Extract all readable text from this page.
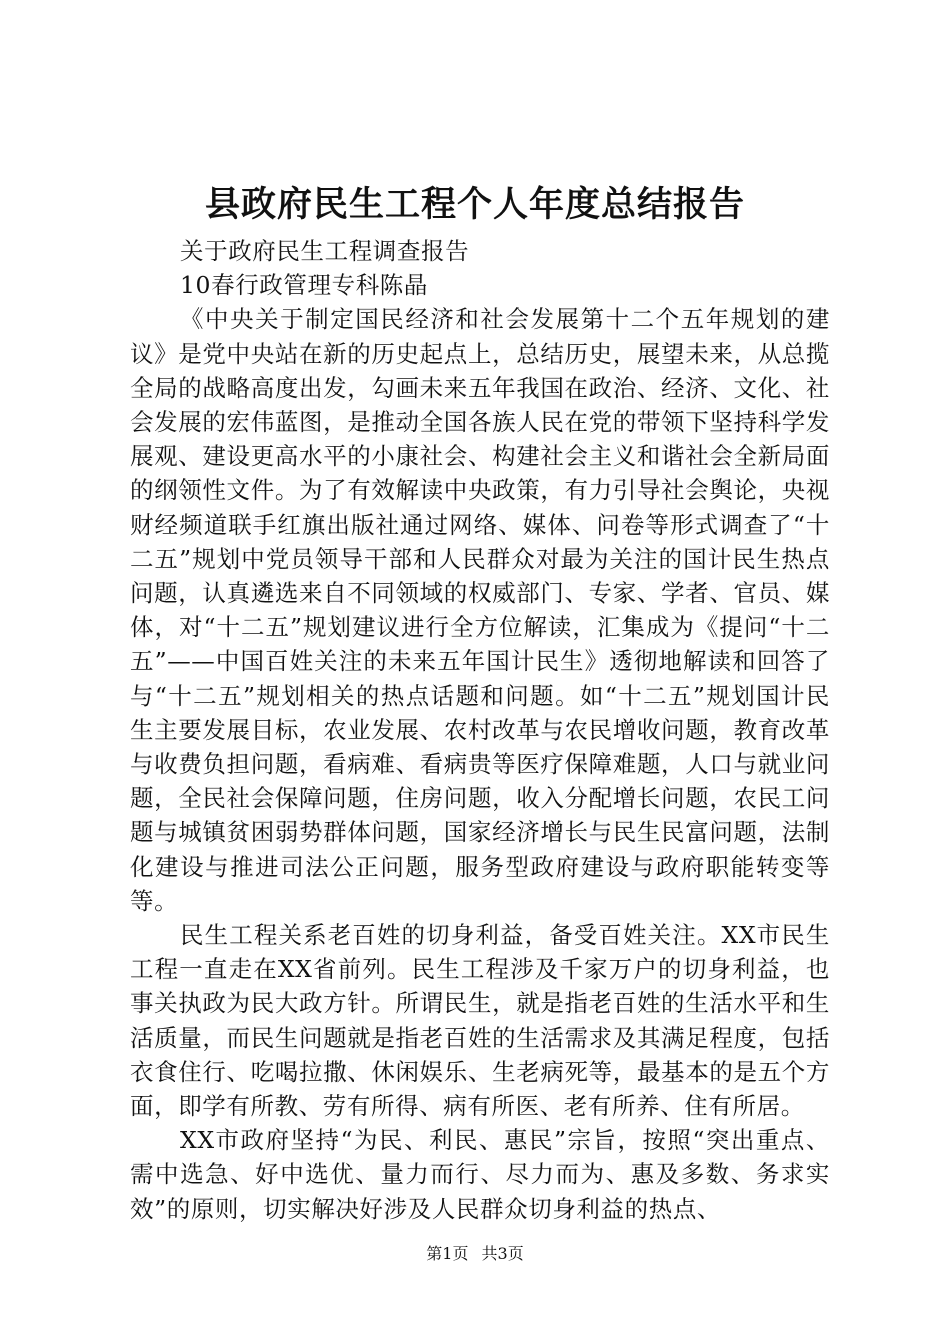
县政府民生工程个人年度总结报告

关于政府民生工程调查报告

10春行政管理专科陈晶

《中央关于制定国民经济和社会发展第十二个五年规划的建议》是党中央站在新的历史起点上，总结历史，展望未来，从总揽全局的战略高度出发，勾画未来五年我国在政治、经济、文化、社会发展的宏伟蓝图，是推动全国各族人民在党的带领下坚持科学发展观、建设更高水平的小康社会、构建社会主义和谐社会全新局面的纲领性文件。为了有效解读中央政策，有力引导社会舆论，央视财经频道联手红旗出版社通过网络、媒体、问卷等形式调查了“十二五”规划中党员领导干部和人民群众对最为关注的国计民生热点问题，认真遴选来自不同领域的权威部门、专家、学者、官员、媒体，对“十二五”规划建议进行全方位解读，汇集成为《提问“十二五”——中国百姓关注的未来五年国计民生》透彻地解读和回答了与“十二五”规划相关的热点话题和问题。如“十二五”规划国计民生主要发展目标，农业发展、农村改革与农民增收问题，教育改革与收费负担问题，看病难、看病贵等医疗保障难题，人口与就业问题，全民社会保障问题，住房问题，收入分配增长问题，农民工问题与城镇贫困弱势群体问题，国家经济增长与民生民富问题，法制化建设与推进司法公正问题，服务型政府建设与政府职能转变等等。

民生工程关系老百姓的切身利益，备受百姓关注。XX市民生工程一直走在XX省前列。民生工程涉及千家万户的切身利益，也事关执政为民大政方针。所谓民生，就是指老百姓的生活水平和生活质量，而民生问题就是指老百姓的生活需求及其满足程度，包括衣食住行、吃喝拉撒、休闲娱乐、生老病死等，最基本的是五个方面，即学有所教、劳有所得、病有所医、老有所养、住有所居。

XX市政府坚持“为民、利民、惠民”宗旨，按照“突出重点、需中选急、好中选优、量力而行、尽力而为、惠及多数、务求实效”的原则，切实解决好涉及人民群众切身利益的热点、

第1页 共3页
